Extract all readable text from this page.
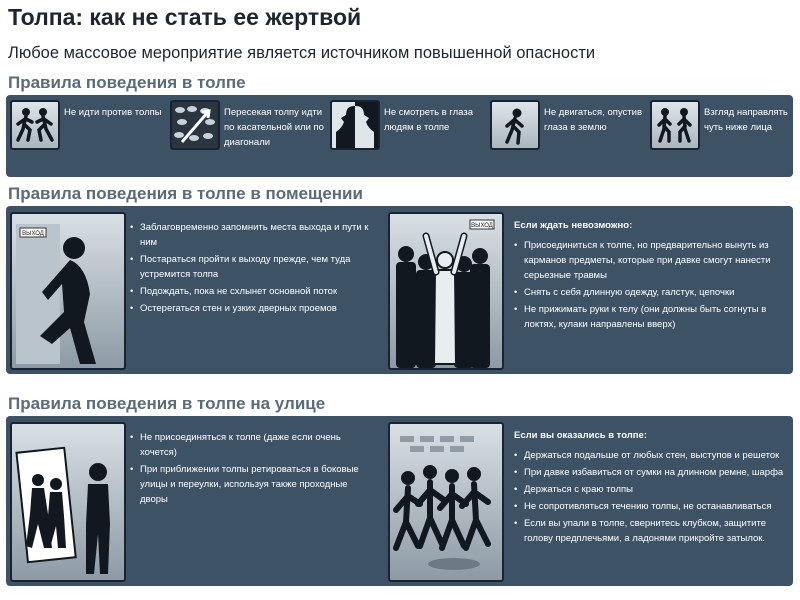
Толпа: как не стать ее жертвой
Любое массовое мероприятие является источником повышенной опасности
Правила поведения в толпе
Не идти против толпы	Пересекая толпу идти по касательной или по диагонали
Не смотреть в глаза людям в толпе
Не двигаться, опустив глаза в землю
Взгляд направлять чуть ниже лица
Правила поведения в толпе в помещении
ВЫХОД
• Заблаговременно запомнить места выхода и пути к ним
• Постараться пройти к выходу прежде, чем туда устремится толпа
• Подождать, пока не схлынет основной поток
• Остерегаться стен и узких дверных проемов
ВЫХОД Если ждать невозможно:
• Присоединиться к толпе, но предварительно вынуть из карманов предметы, которые при давке смогут нанести серьезные травмы
• Снять с себя длинную одежду, галстук, цепочки
• Не прижимать руки к телу (они должны быть согнуты в локтях, кулаки направлены вверх)
Правила поведения в толпе на улице
• Не присоединяться к толпе (даже если очень хочется)
• При приближении толпы ретироваться в боковые улицы и переулки, используя также проходные дворы
Если вы оказались в толпе:
• Держаться подальше от любых стен, выступов и решеток
• При давке избавиться от сумки на длинном ремне, шарфа
• Держаться с краю толпы
• Не сопротивляться течению толпы, не останавливаться
• Если вы упали в толпе, свернитесь клубком, защитите голову предплечьями, а ладонями прикройте затылок.
